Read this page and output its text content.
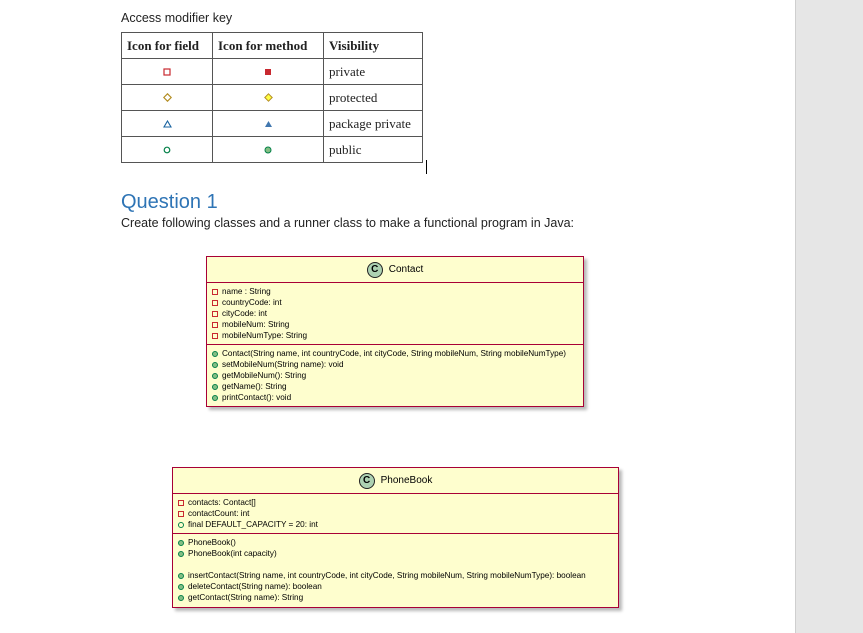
Access modifier key
Icon for field	Icon for method	Visibility
		private
		protected
		package private
		public
Question 1
Create following classes and a runner class to make a functional program in Java:
C	Contact
name : String
countryCode: int
cityCode: int
mobileNum: String
mobileNumType: String
Contact(String name, int countryCode, int cityCode, String mobileNum, String mobileNumType)
setMobileNum(String name): void
getMobileNum(): String
getName(): String
printContact(): void
C	PhoneBook
contacts: Contact[]
contactCount: int
final DEFAULT_CAPACITY = 20: int
PhoneBook()
PhoneBook(int capacity)
insertContact(String name, int countryCode, int cityCode, String mobileNum, String mobileNumType): boolean
deleteContact(String name): boolean
getContact(String name): String
